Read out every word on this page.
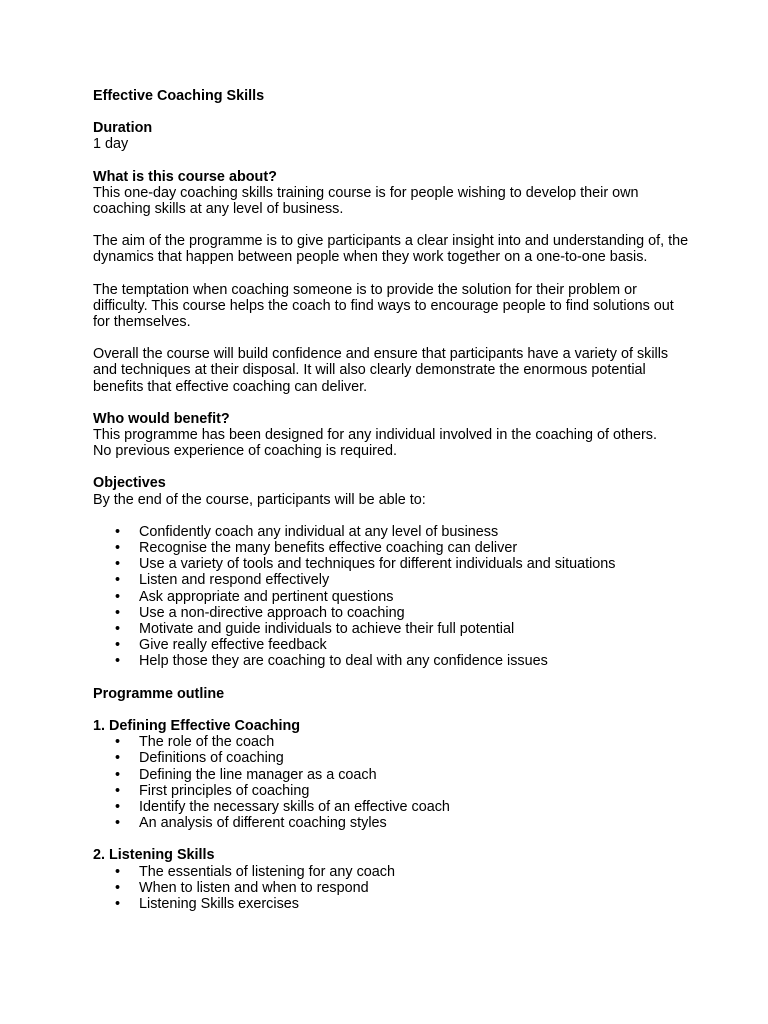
Effective Coaching Skills
Duration
1 day
What is this course about?

This one-day coaching skills training course is for people wishing to develop their own coaching skills at any level of business.

The aim of the programme is to give participants a clear insight into and understanding of, the dynamics that happen between people when they work together on a one-to-one basis.

The temptation when coaching someone is to provide the solution for their problem or difficulty. This course helps the coach to find ways to encourage people to find solutions out for themselves.

Overall the course will build confidence and ensure that participants have a variety of skills and techniques at their disposal. It will also clearly demonstrate the enormous potential benefits that effective coaching can deliver.

Who would benefit?
This programme has been designed for any individual involved in the coaching of others.
No previous experience of coaching is required.
Objectives
By the end of the course, participants will be able to:
• Confidently coach any individual at any level of business
• Recognise the many benefits effective coaching can deliver
• Use a variety of tools and techniques for different individuals and situations
• Listen and respond effectively
• Ask appropriate and pertinent questions
• Use a non-directive approach to coaching
• Motivate and guide individuals to achieve their full potential
• Give really effective feedback
• Help those they are coaching to deal with any confidence issues
Programme outline
1. Defining Effective Coaching
• The role of the coach
• Definitions of coaching
• Defining the line manager as a coach
• First principles of coaching
• Identify the necessary skills of an effective coach
• An analysis of different coaching styles
2. Listening Skills
• The essentials of listening for any coach
• When to listen and when to respond
• Listening Skills exercises
